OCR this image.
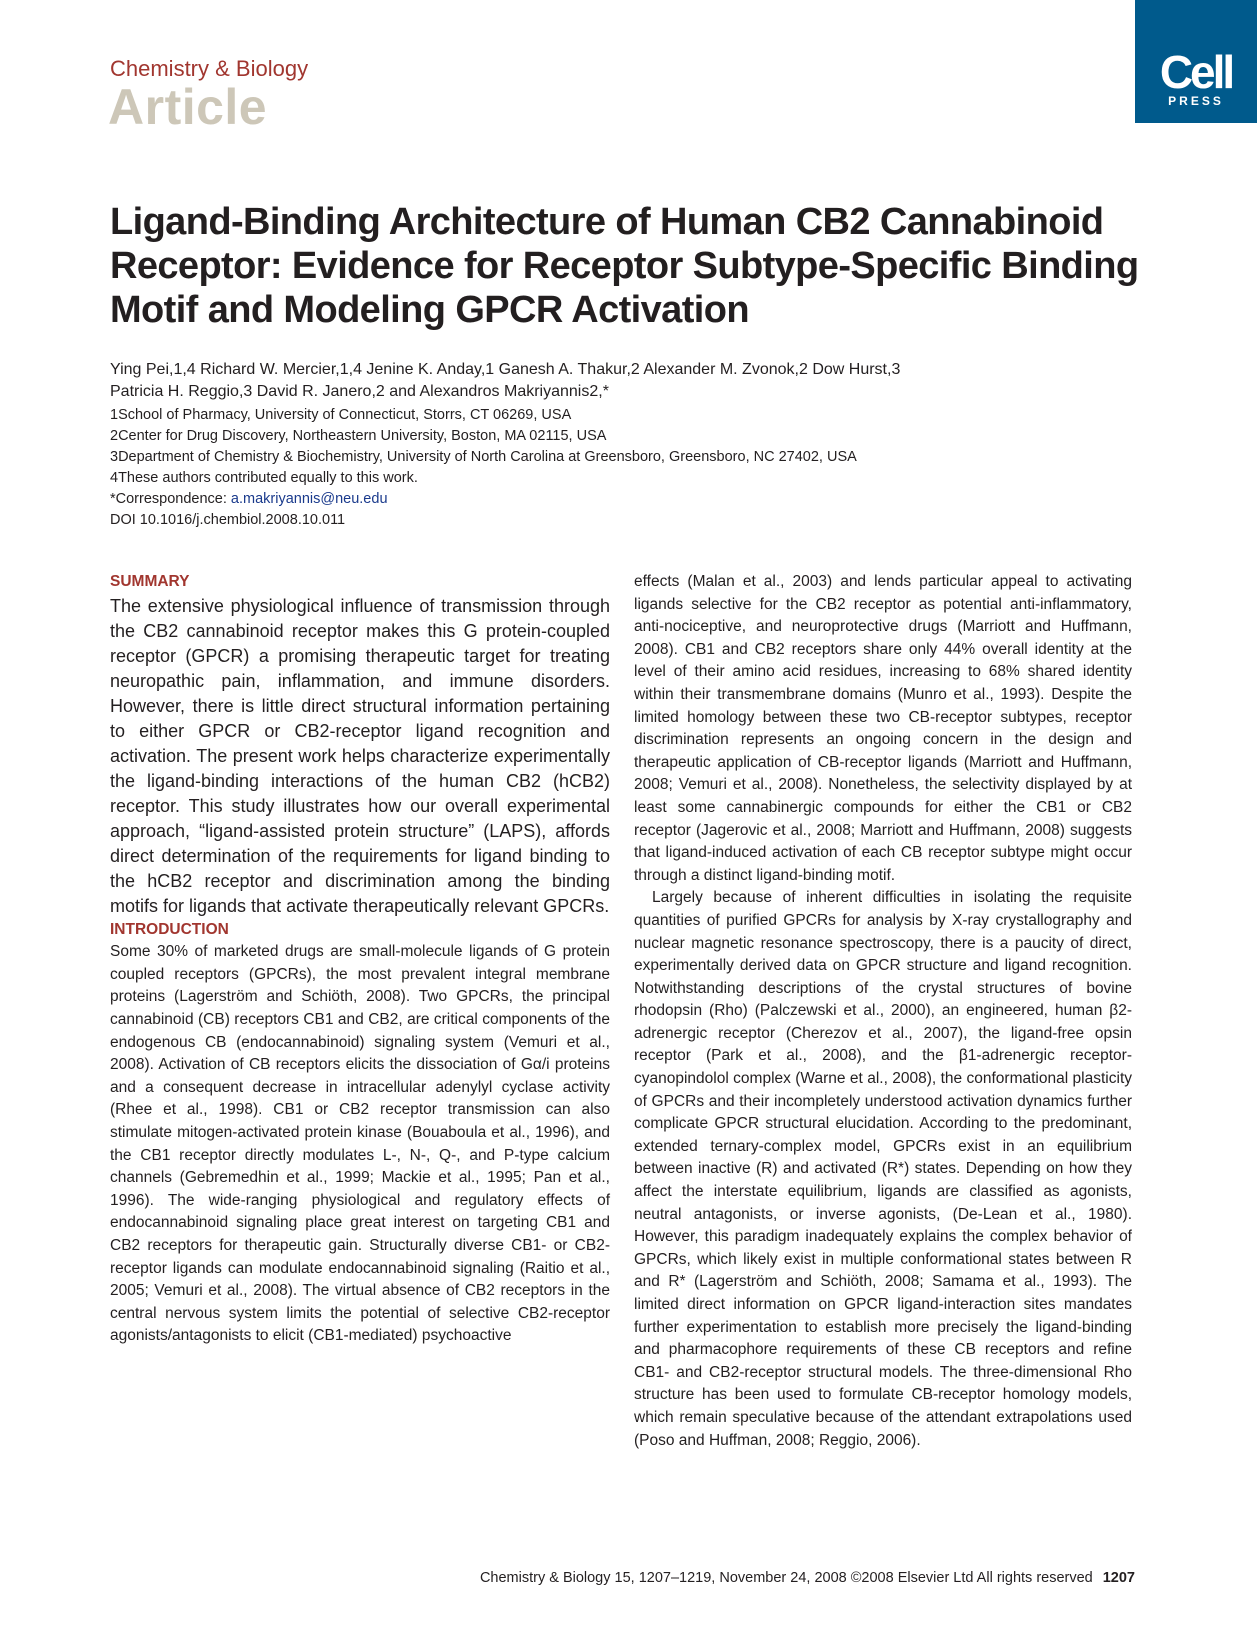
Chemistry & Biology
Article
Cell
PRESS
Ligand-Binding Architecture of Human CB2 Cannabinoid Receptor: Evidence for Receptor Subtype-Specific Binding Motif and Modeling GPCR Activation
Ying Pei,1,4 Richard W. Mercier,1,4 Jenine K. Anday,1 Ganesh A. Thakur,2 Alexander M. Zvonok,2 Dow Hurst,3
Patricia H. Reggio,3 David R. Janero,2 and Alexandros Makriyannis2,*
1School of Pharmacy, University of Connecticut, Storrs, CT 06269, USA
2Center for Drug Discovery, Northeastern University, Boston, MA 02115, USA
3Department of Chemistry & Biochemistry, University of North Carolina at Greensboro, Greensboro, NC 27402, USA
4These authors contributed equally to this work.
*Correspondence: a.makriyannis@neu.edu
DOI 10.1016/j.chembiol.2008.10.011

SUMMARY

The extensive physiological influence of transmission through the CB2 cannabinoid receptor makes this G protein-coupled receptor (GPCR) a promising therapeutic target for treating neuropathic pain, inflammation, and immune disorders. However, there is little direct structural information pertaining to either GPCR or CB2-receptor ligand recognition and activation. The present work helps characterize experimentally the ligand-binding interactions of the human CB2 (hCB2) receptor. This study illustrates how our overall experimental approach, “ligand-assisted protein structure” (LAPS), affords direct determination of the requirements for ligand binding to the hCB2 receptor and discrimination among the binding motifs for ligands that activate therapeutically relevant GPCRs.

INTRODUCTION

Some 30% of marketed drugs are small-molecule ligands of G protein coupled receptors (GPCRs), the most prevalent integral membrane proteins (Lagerström and Schiöth, 2008). Two GPCRs, the principal cannabinoid (CB) receptors CB1 and CB2, are critical components of the endogenous CB (endocannabinoid) signaling system (Vemuri et al., 2008). Activation of CB receptors elicits the dissociation of Gα/i proteins and a consequent decrease in intracellular adenylyl cyclase activity (Rhee et al., 1998). CB1 or CB2 receptor transmission can also stimulate mitogen-activated protein kinase (Bouaboula et al., 1996), and the CB1 receptor directly modulates L-, N-, Q-, and P-type calcium channels (Gebremedhin et al., 1999; Mackie et al., 1995; Pan et al., 1996). The wide-ranging physiological and regulatory effects of endocannabinoid signaling place great interest on targeting CB1 and CB2 receptors for therapeutic gain. Structurally diverse CB1- or CB2-receptor ligands can modulate endocannabinoid signaling (Raitio et al., 2005; Vemuri et al., 2008). The virtual absence of CB2 receptors in the central nervous system limits the potential of selective CB2-receptor agonists/antagonists to elicit (CB1-mediated) psychoactive

effects (Malan et al., 2003) and lends particular appeal to activating ligands selective for the CB2 receptor as potential anti-inflammatory, anti-nociceptive, and neuroprotective drugs (Marriott and Huffmann, 2008). CB1 and CB2 receptors share only 44% overall identity at the level of their amino acid residues, increasing to 68% shared identity within their transmembrane domains (Munro et al., 1993). Despite the limited homology between these two CB-receptor subtypes, receptor discrimination represents an ongoing concern in the design and therapeutic application of CB-receptor ligands (Marriott and Huffmann, 2008; Vemuri et al., 2008). Nonetheless, the selectivity displayed by at least some cannabinergic compounds for either the CB1 or CB2 receptor (Jagerovic et al., 2008; Marriott and Huffmann, 2008) suggests that ligand-induced activation of each CB receptor subtype might occur through a distinct ligand-binding motif.

Largely because of inherent difficulties in isolating the requisite quantities of purified GPCRs for analysis by X-ray crystallography and nuclear magnetic resonance spectroscopy, there is a paucity of direct, experimentally derived data on GPCR structure and ligand recognition. Notwithstanding descriptions of the crystal structures of bovine rhodopsin (Rho) (Palczewski et al., 2000), an engineered, human β2-adrenergic receptor (Cherezov et al., 2007), the ligand-free opsin receptor (Park et al., 2008), and the β1-adrenergic receptor-cyanopindolol complex (Warne et al., 2008), the conformational plasticity of GPCRs and their incompletely understood activation dynamics further complicate GPCR structural elucidation. According to the predominant, extended ternary-complex model, GPCRs exist in an equilibrium between inactive (R) and activated (R*) states. Depending on how they affect the interstate equilibrium, ligands are classified as agonists, neutral antagonists, or inverse agonists, (De-Lean et al., 1980). However, this paradigm inadequately explains the complex behavior of GPCRs, which likely exist in multiple conformational states between R and R* (Lagerström and Schiöth, 2008; Samama et al., 1993). The limited direct information on GPCR ligand-interaction sites mandates further experimentation to establish more precisely the ligand-binding and pharmacophore requirements of these CB receptors and refine CB1- and CB2-receptor structural models. The three-dimensional Rho structure has been used to formulate CB-receptor homology models, which remain speculative because of the attendant extrapolations used (Poso and Huffman, 2008; Reggio, 2006).

Chemistry & Biology 15, 1207–1219, November 24, 2008 ©2008 Elsevier Ltd All rights reserved 1207
